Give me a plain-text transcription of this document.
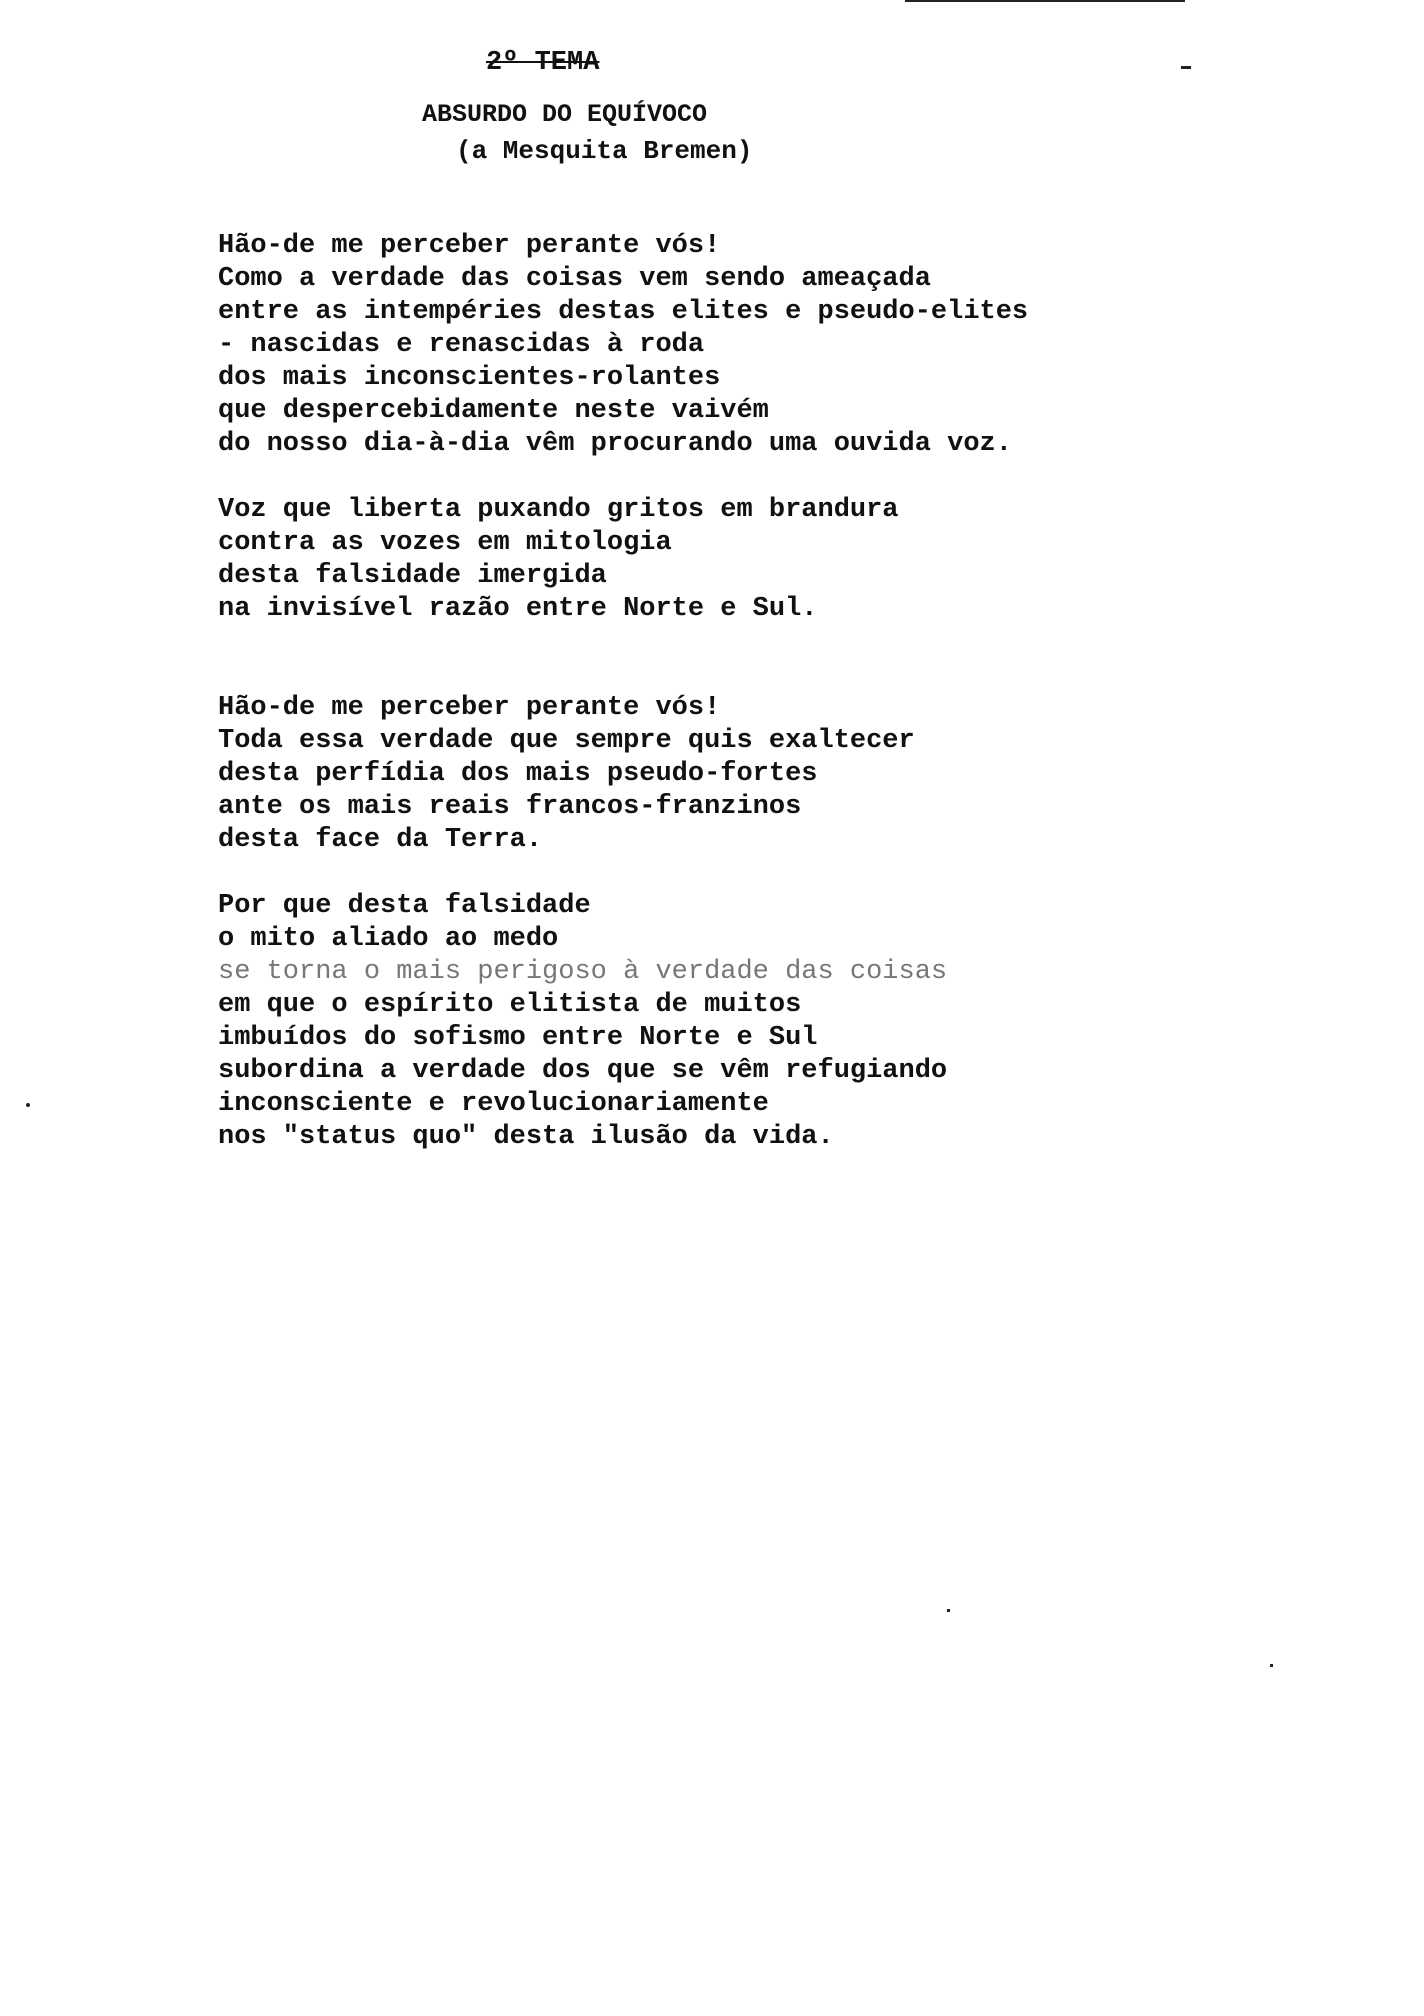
2º TEMA
ABSURDO DO EQUÍVOCO
(a Mesquita Bremen)
Hão-de me perceber perante vós!
Como a verdade das coisas vem sendo ameaçada
entre as intempéries destas elites e pseudo-elites
- nascidas e renascidas à roda
dos mais inconscientes-rolantes
que despercebidamente neste vaivém
do nosso dia-à-dia vêm procurando uma ouvida voz.
Voz que liberta puxando gritos em brandura
contra as vozes em mitologia
desta falsidade imergida
na invisível razão entre Norte e Sul.
Hão-de me perceber perante vós!
Toda essa verdade que sempre quis exaltecer
desta perfídia dos mais pseudo-fortes
ante os mais reais francos-franzinos
desta face da Terra.
Por que desta falsidade
o mito aliado ao medo
se torna o mais perigoso à verdade das coisas
em que o espírito elitista de muitos
imbuídos do sofismo entre Norte e Sul
subordina a verdade dos que se vêm refugiando
inconsciente e revolucionariamente
nos "status quo" desta ilusão da vida.
